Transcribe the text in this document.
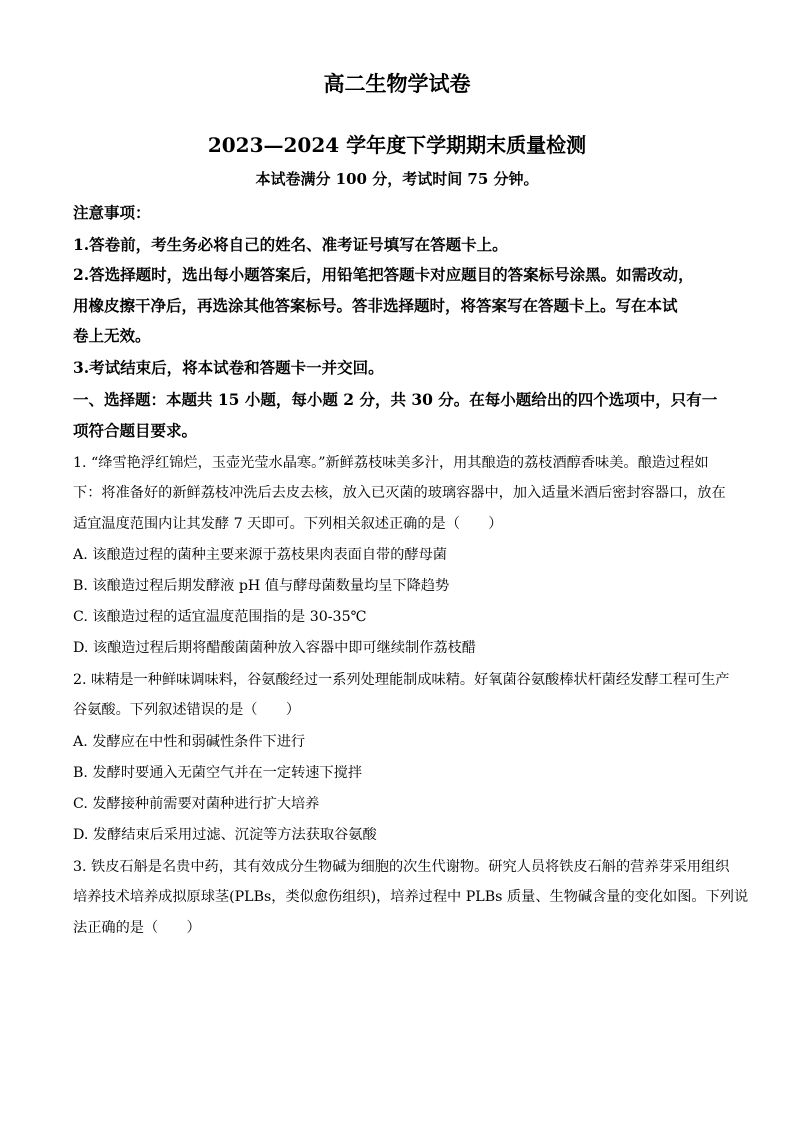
高二生物学试卷
2023—2024 学年度下学期期末质量检测
本试卷满分 100 分，考试时间 75 分钟。
注意事项：
1.答卷前，考生务必将自己的姓名、准考证号填写在答题卡上。
2.答选择题时，选出每小题答案后，用铅笔把答题卡对应题目的答案标号涂黑。如需改动，
用橡皮擦干净后，再选涂其他答案标号。答非选择题时，将答案写在答题卡上。写在本试
卷上无效。
3.考试结束后，将本试卷和答题卡一并交回。
一、选择题：本题共 15 小题，每小题 2 分，共 30 分。在每小题给出的四个选项中，只有一
项符合题目要求。
1. “绛雪艳浮红锦烂，玉壶光莹水晶寒。”新鲜荔枝味美多汁，用其酿造的荔枝酒醇香味美。酿造过程如
下：将准备好的新鲜荔枝冲洗后去皮去核，放入已灭菌的玻璃容器中，加入适量米酒后密封容器口，放在
适宜温度范围内让其发酵 7 天即可。下列相关叙述正确的是（　　）
A. 该酿造过程的菌种主要来源于荔枝果肉表面自带的酵母菌
B. 该酿造过程后期发酵液 pH 值与酵母菌数量均呈下降趋势
C. 该酿造过程的适宜温度范围指的是 30-35℃
D. 该酿造过程后期将醋酸菌菌种放入容器中即可继续制作荔枝醋
2. 味精是一种鲜味调味料，谷氨酸经过一系列处理能制成味精。好氧菌谷氨酸棒状杆菌经发酵工程可生产
谷氨酸。下列叙述错误的是（　　）
A. 发酵应在中性和弱碱性条件下进行
B. 发酵时要通入无菌空气并在一定转速下搅拌
C. 发酵接种前需要对菌种进行扩大培养
D. 发酵结束后采用过滤、沉淀等方法获取谷氨酸
3. 铁皮石斛是名贵中药，其有效成分生物碱为细胞的次生代谢物。研究人员将铁皮石斛的营养芽采用组织
培养技术培养成拟原球茎(PLBs，类似愈伤组织)，培养过程中 PLBs 质量、生物碱含量的变化如图。下列说
法正确的是（　　）
